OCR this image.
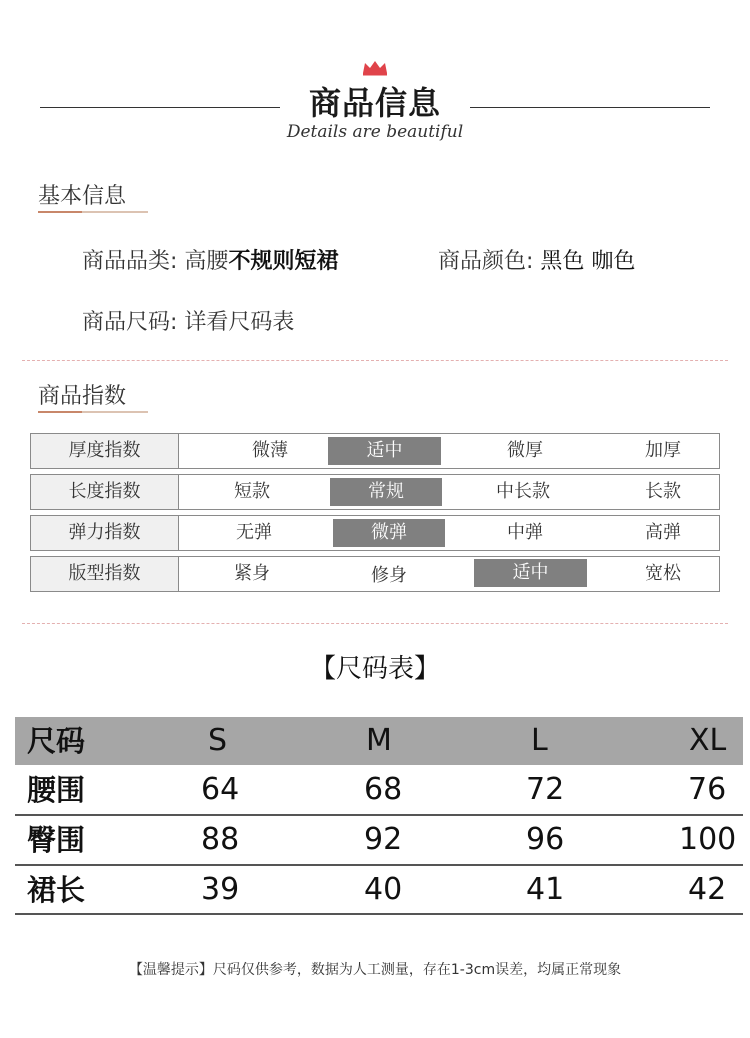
商品信息
Details are beautiful
基本信息
商品品类: 高腰不规则短裙	商品颜色: 黑色 咖色
商品尺码: 详看尺码表
商品指数
厚度指数	微薄	适中	微厚	加厚
长度指数	短款	常规	中长款	长款
弹力指数	无弹	微弹	中弹	高弹
版型指数	紧身	修身	适中	宽松
【尺码表】
尺码	S	M	L	XL
腰围	64	68	72	76
臀围	88	92	96	100
裙长	39	40	41	42
【温馨提示】尺码仅供参考，数据为人工测量，存在1-3cm误差，均属正常现象
